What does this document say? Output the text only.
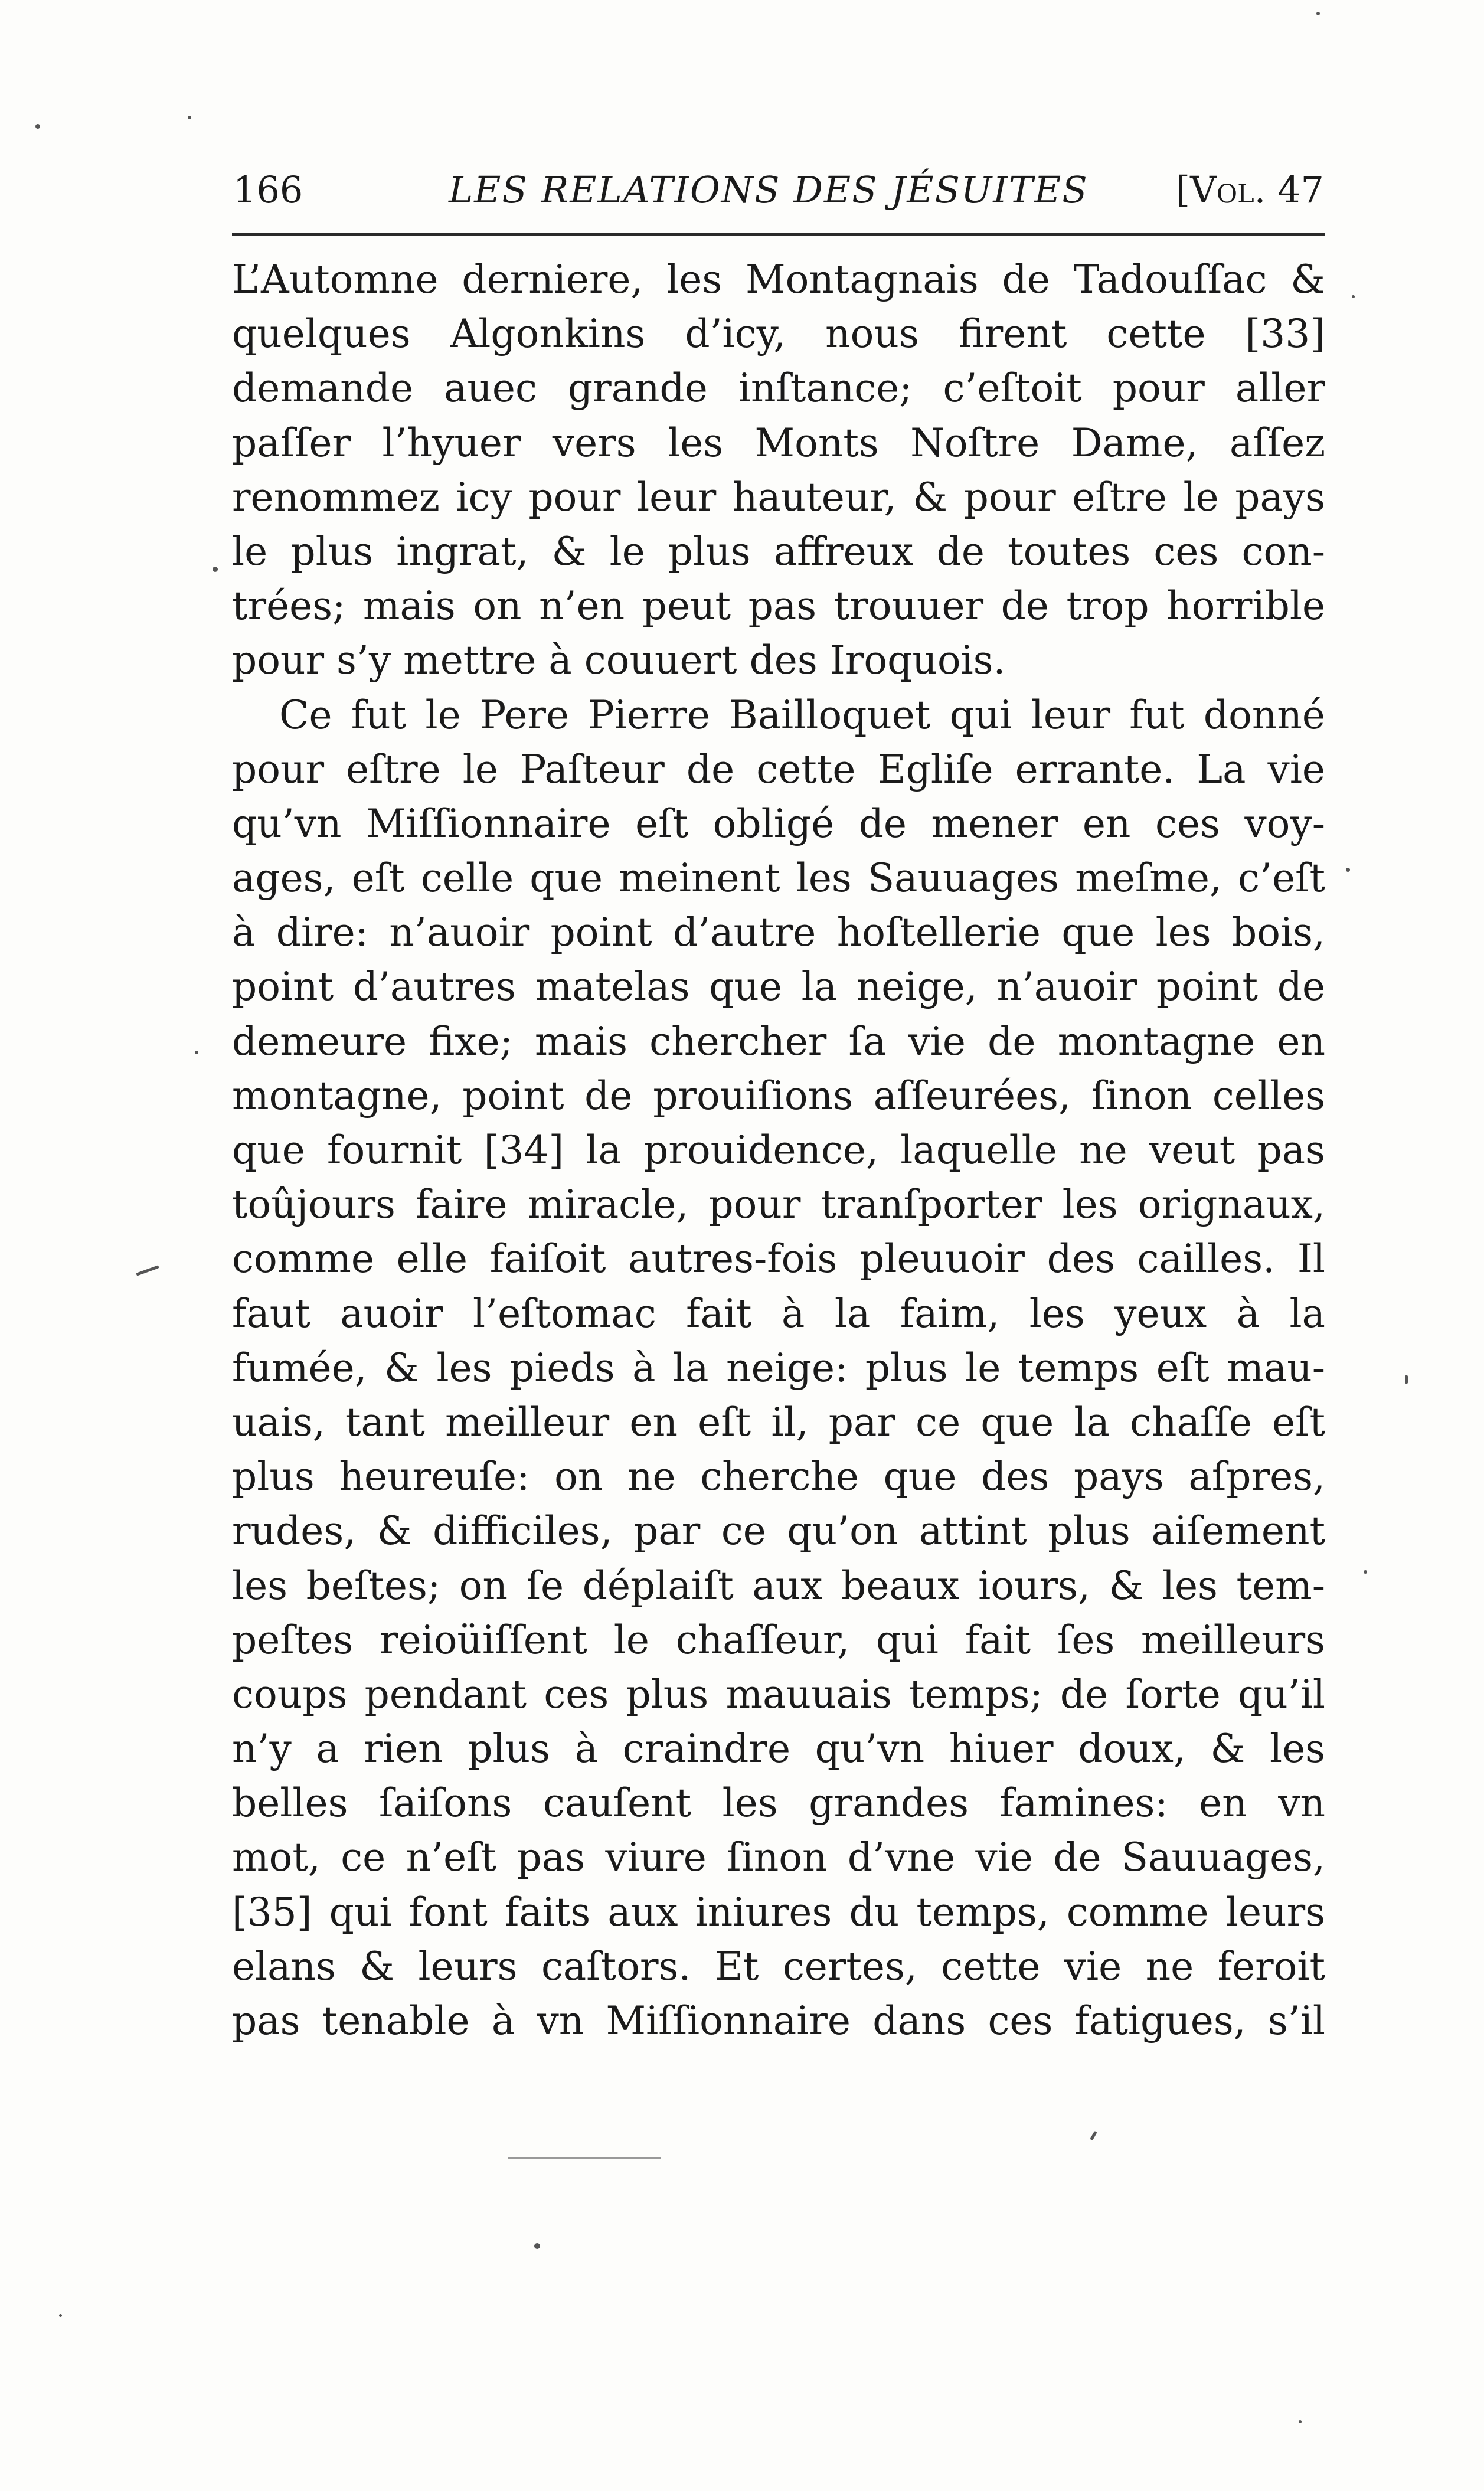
166	LES RELATIONS DES JÉSUITES [Vol. 47
L’Automne derniere, les Montagnais de Tadouſſac &
quelques Algonkins d’icy, nous firent cette [33]
demande auec grande inſtance; c’eſtoit pour aller
paſſer l’hyuer vers les Monts Noſtre Dame, aſſez
renommez icy pour leur hauteur, & pour eſtre le pays
le plus ingrat, & le plus affreux de toutes ces con-
trées; mais on n’en peut pas trouuer de trop horrible
pour s’y mettre à couuert des Iroquois.
Ce fut le Pere Pierre Bailloquet qui leur fut donné
pour eſtre le Paſteur de cette Egliſe errante. La vie
qu’vn Miſſionnaire eſt obligé de mener en ces voy-
ages, eſt celle que meinent les Sauuages meſme, c’eſt
à dire: n’auoir point d’autre hoſtellerie que les bois,
point d’autres matelas que la neige, n’auoir point de
demeure fixe; mais chercher ſa vie de montagne en
montagne, point de prouiſions aſſeurées, ſinon celles
que fournit [34] la prouidence, laquelle ne veut pas
toûjours faire miracle, pour tranſporter les orignaux,
comme elle faiſoit autres-fois pleuuoir des cailles. Il
faut auoir l’eſtomac fait à la faim, les yeux à la
fumée, & les pieds à la neige: plus le temps eſt mau-
uais, tant meilleur en eſt il, par ce que la chaſſe eſt
plus heureuſe: on ne cherche que des pays aſpres,
rudes, & difficiles, par ce qu’on attint plus aiſement
les beſtes; on ſe déplaiſt aux beaux iours, & les tem-
peſtes reioüiſſent le chaſſeur, qui fait ſes meilleurs
coups pendant ces plus mauuais temps; de ſorte qu’il
n’y a rien plus à craindre qu’vn hiuer doux, & les
belles ſaiſons cauſent les grandes famines: en vn
mot, ce n’eſt pas viure ſinon d’vne vie de Sauuages,
[35] qui font faits aux iniures du temps, comme leurs
elans & leurs caſtors. Et certes, cette vie ne feroit
pas tenable à vn Miſſionnaire dans ces fatigues, s’il
